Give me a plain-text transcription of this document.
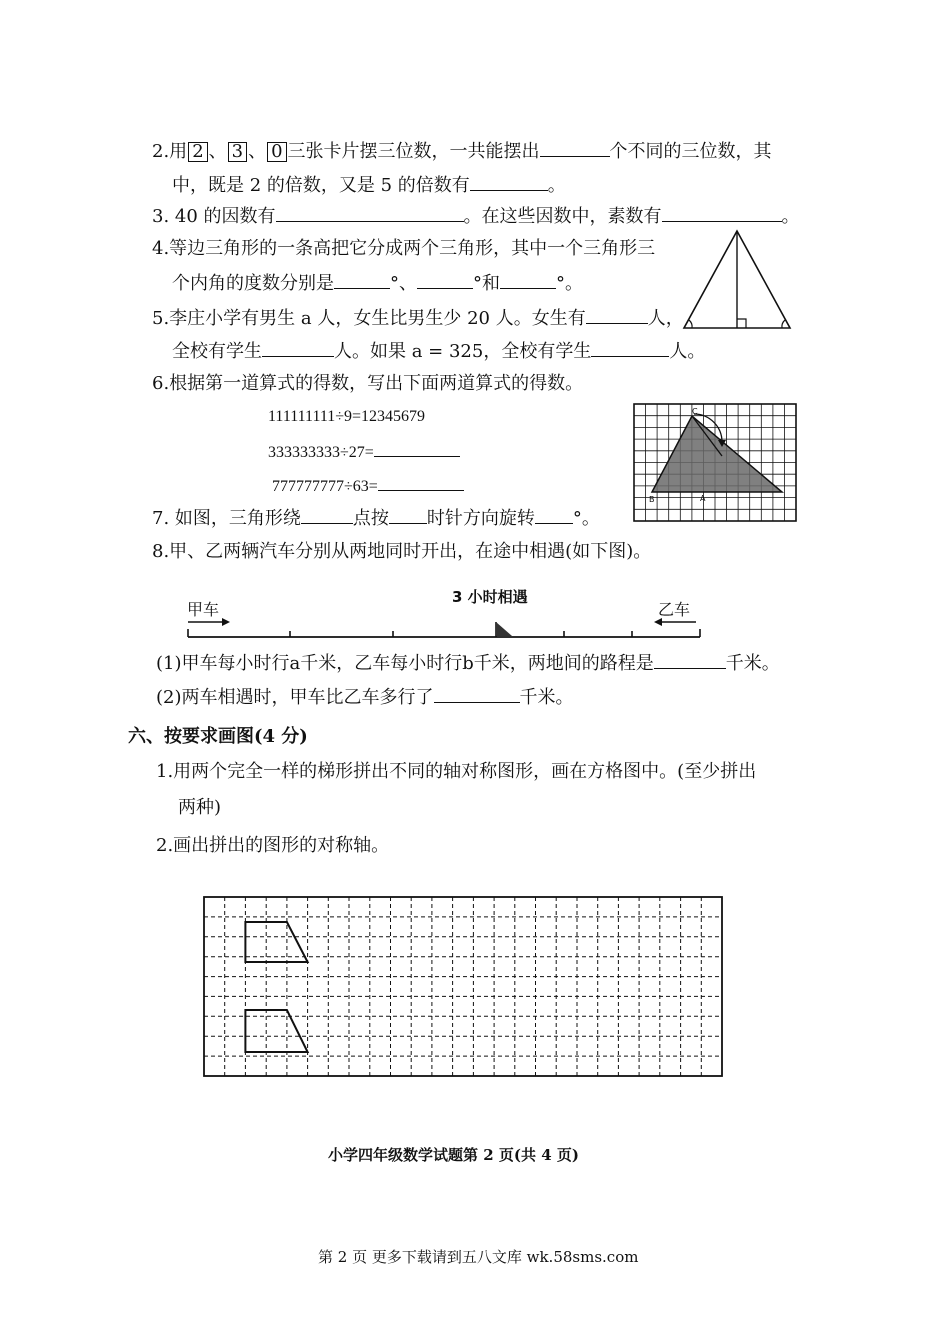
2.用 2 、 3 、 0 三张卡片摆三位数，一共能摆出	个不同的三位数，其
中，既是 2 的倍数，又是 5 的倍数有	。
3. 40 的因数有	。在这些因数中，素数有	。
4.等边三角形的一条高把它分成两个三角形，其中一个三角形三
个内角的度数分别是	°、	°和	°。
5.李庄小学有男生 a 人，女生比男生少 20 人。女生有	人，
全校有学生	人。如果 a = 325，全校有学生	人。
6.根据第一道算式的得数，写出下面两道算式的得数。
111111111÷9=12345679
333333333÷27=
777777777÷63=
C
B	A
7. 如图，三角形绕	点按 时针方向旋转 °。
8.甲、乙两辆汽车分别从两地同时开出，在途中相遇(如下图)。
甲车	乙车
3 小时相遇
(1)甲车每小时行a千米，乙车每小时行b千米，两地间的路程是	千米。
(2)两车相遇时，甲车比乙车多行了	千米。
六、按要求画图(4 分)
1.用两个完全一样的梯形拼出不同的轴对称图形，画在方格图中。(至少拼出
两种)
2.画出拼出的图形的对称轴。
小学四年级数学试题第 2 页(共 4 页)
第 2 页 更多下载请到五八文库 wk.58sms.com
